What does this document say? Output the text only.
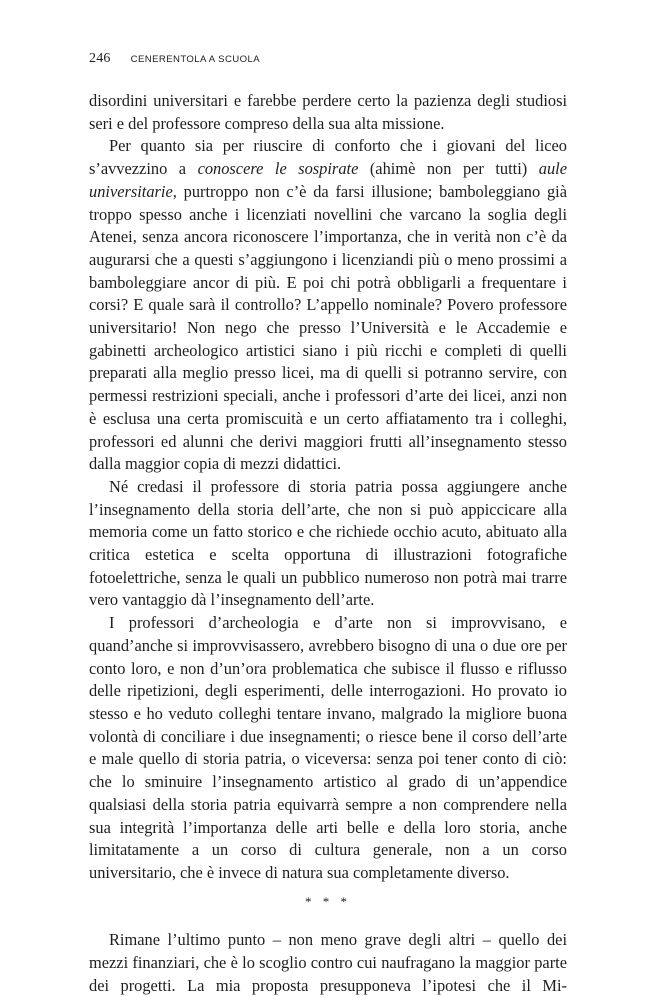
246 CENERENTOLA A SCUOLA

disordini universitari e farebbe perdere certo la pazienza degli studiosi seri e del professore compreso della sua alta missione.

Per quanto sia per riuscire di conforto che i giovani del liceo s’avvezzino a conoscere le sospirate (ahimè non per tutti) aule universitarie, purtroppo non c’è da farsi illusione; bamboleggiano già troppo spesso anche i licenziati novellini che varcano la soglia degli Atenei, senza ancora riconoscere l’importanza, che in verità non c’è da augurarsi che a questi s’aggiungono i licenziandi più o meno prossimi a bamboleggiare ancor di più. E poi chi potrà obbligarli a frequentare i corsi? E quale sarà il controllo? L’appello nominale? Povero professore universitario! Non nego che presso l’Università e le Accademie e gabinetti archeologico artistici siano i più ricchi e completi di quelli preparati alla meglio presso licei, ma di quelli si potranno servire, con permessi restrizioni speciali, anche i professori d’arte dei licei, anzi non è esclusa una certa promiscuità e un certo affiatamento tra i colleghi, professori ed alunni che derivi maggiori frutti all’insegnamento stesso dalla maggior copia di mezzi didattici.

Né credasi il professore di storia patria possa aggiungere anche l’insegnamento della storia dell’arte, che non si può appiccicare alla memoria come un fatto storico e che richiede occhio acuto, abituato alla critica estetica e scelta opportuna di illustrazioni fotografiche fotoelettriche, senza le quali un pubblico numeroso non potrà mai trarre vero vantaggio dà l’insegnamento dell’arte.

I professori d’archeologia e d’arte non si improvvisano, e quand’anche si improvvisassero, avrebbero bisogno di una o due ore per conto loro, e non d’un’ora problematica che subisce il flusso e riflusso delle ripetizioni, degli esperimenti, delle interrogazioni. Ho provato io stesso e ho veduto colleghi tentare invano, malgrado la migliore buona volontà di conciliare i due insegnamenti; o riesce bene il corso dell’arte e male quello di storia patria, o viceversa: senza poi tener conto di ciò: che lo sminuire l’insegnamento artistico al grado di un’appendice qualsiasi della storia patria equivarrà sempre a non comprendere nella sua integrità l’importanza delle arti belle e della loro storia, anche limitatamente a un corso di cultura generale, non a un corso universitario, che è invece di natura sua completamente diverso.

* * *

Rimane l’ultimo punto – non meno grave degli altri – quello dei mezzi finanziari, che è lo scoglio contro cui naufragano la maggior parte dei progetti. La mia proposta presupponeva l’ipotesi che il Mi-
